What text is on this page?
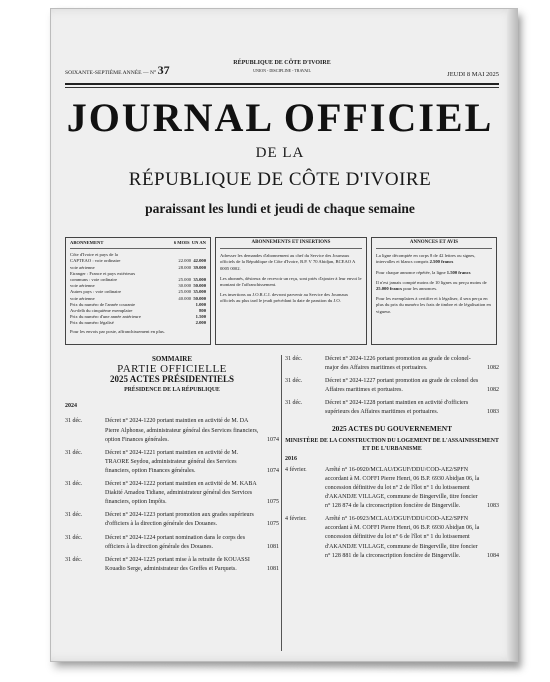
SOIXANTE-SEPTIÈME ANNÉE — N° 37	RÉPUBLIQUE DE CÔTE D'IVOIRE
UNION - DISCIPLINE - TRAVAIL
JEUDI 8 MAI 2025
JOURNAL OFFICIEL
DE LA
RÉPUBLIQUE DE CÔTE D'IVOIRE
paraissant les lundi et jeudi de chaque semaine
ABONNEMENT	6 MOIS UN AN
Côte d'Ivoire et pays de la

CAPTEAO : voie ordinaire	22.000 42.000
voie aérienne	28.000 39.000
Etranger : France et pays extérieurs

communs : voie ordinaire	25.000 35.000
voie aérienne	30.000 50.000
Autres pays : voie ordinaire	25.000 35.000
voie aérienne	40.000 50.000
Prix du numéro de l'année courante	1.000
Au-delà du cinquième exemplaire	800
Prix du numéro d'une année antérieure	1.500
Prix du numéro légalisé	2.000
Pour les envois par poste, affranchissement en plus.
ABONNEMENTS ET INSERTIONS

Adresser les demandes d'abonnement au chef du Service des Journaux officiels de la République de Côte d'Ivoire, B.P. V 70 Abidjan, BCEAO A 0005 0002.

Les abonnés, désireux de recevoir un reçu, sont priés d'ajouter à leur envoi le montant de l'affranchissement.

Les insertions au J.O.R.C.I. devront parvenir au Service des Journaux officiels au plus tard le jeudi précédant la date de parution du J.O.

ANNONCES ET AVIS

La ligne décomptée en corps 8 de 42 lettres ou signes, intervalles et blancs compris 2.500 francs

Pour chaque annonce répétée, la ligne 1.500 francs

Il n'est jamais compté moins de 10 lignes ou perçu moins de 25.000 francs pour les annonces.

Pour les exemplaires à certifier et à légaliser, il sera perçu en plus du prix du numéro les frais de timbre et de légalisation en vigueur.

SOMMAIRE
PARTIE OFFICIELLE
2025 ACTES PRÉSIDENTIELS
PRÉSIDENCE DE LA RÉPUBLIQUE
2024
31 déc.	Décret n° 2024-1220 portant maintien en activité de M. DA Pierre Alphonse, administrateur général des Services financiers, option Finances générales.	1074
31 déc.	Décret n° 2024-1221 portant maintien en activité de M. TRAORE Seydou, administrateur général des Services financiers, option Finances générales.	1074
31 déc.	Décret n° 2024-1222 portant maintien en activité de M. KABA Diakité Amadou Tidiane, administrateur général des Services financiers, option Impôts.	1075
31 déc.	Décret n° 2024-1223 portant promotion aux grades supérieurs d'officiers à la direction générale des Douanes.	1075
31 déc.	Décret n° 2024-1224 portant nomination dans le corps des officiers à la direction générale des Douanes.	1081
31 déc.	Décret n° 2024-1225 portant mise à la retraite de KOUASSI Kouadio Serge, administrateur des Greffes et Parquets.	1081
31 déc.	Décret n° 2024-1226 portant promotion au grade de colonel-major des Affaires maritimes et portuaires.	1082
31 déc.	Décret n° 2024-1227 portant promotion au grade de colonel des Affaires maritimes et portuaires.	1082
31 déc.	Décret n° 2024-1228 portant maintien en activité d'officiers supérieurs des Affaires maritimes et portuaires.	1083
2025 ACTES DU GOUVERNEMENT
MINISTÈRE DE LA CONSTRUCTION DU LOGEMENT DE L'ASSAINISSEMENT ET DE L'URBANISME
2016
4 février.	Arrêté n° 16-0920/MCLAU/DGUF/DDU/COD-AE2/SPFN accordant à M. COFFI Pierre Henri, 06 B.P. 6930 Abidjan 06, la concession définitive du lot n° 2 de l'îlot n° 1 du lotissement d'AKANDJE VILLAGE, commune de Bingerville, titre foncier n° 128 874 de la circonscription foncière de Bingerville.	1083
4 février.	Arrêté n° 16-0923/MCLAU/DGUF/DDU/COD-AE2/SPFN accordant à M. COFFI Pierre Henri, 06 B.P. 6930 Abidjan 06, la concession définitive du lot n° 6 de l'îlot n° 1 du lotissement d'AKANDJE VILLAGE, commune de Bingerville, titre foncier n° 128 881 de la circonscription foncière de Bingerville.	1084
